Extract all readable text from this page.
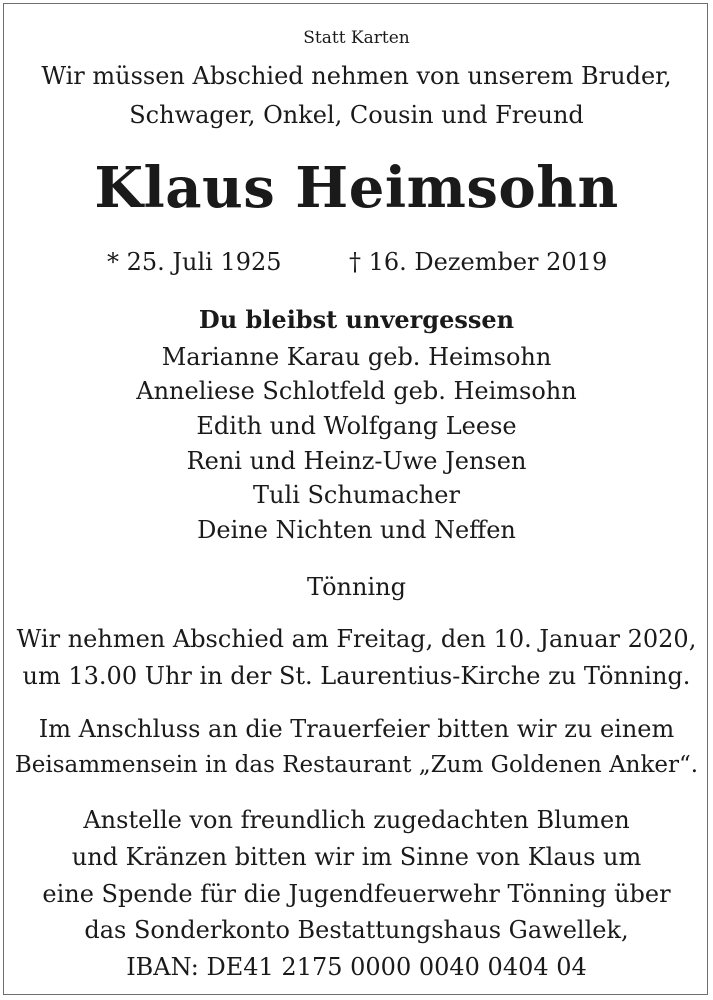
Statt Karten
Wir müssen Abschied nehmen von unserem Bruder,
Schwager, Onkel, Cousin und Freund
Klaus Heimsohn
* 25. Juli 1925	† 16. Dezember 2019
Du bleibst unvergessen
Marianne Karau geb. Heimsohn
Anneliese Schlotfeld geb. Heimsohn
Edith und Wolfgang Leese
Reni und Heinz-Uwe Jensen
Tuli Schumacher
Deine Nichten und Neffen
Tönning
Wir nehmen Abschied am Freitag, den 10. Januar 2020,
um 13.00 Uhr in der St. Laurentius-Kirche zu Tönning.
Im Anschluss an die Trauerfeier bitten wir zu einem
Beisammensein in das Restaurant „Zum Goldenen Anker“.
Anstelle von freundlich zugedachten Blumen
und Kränzen bitten wir im Sinne von Klaus um
eine Spende für die Jugendfeuerwehr Tönning über
das Sonderkonto Bestattungshaus Gawellek,
IBAN: DE41 2175 0000 0040 0404 04
